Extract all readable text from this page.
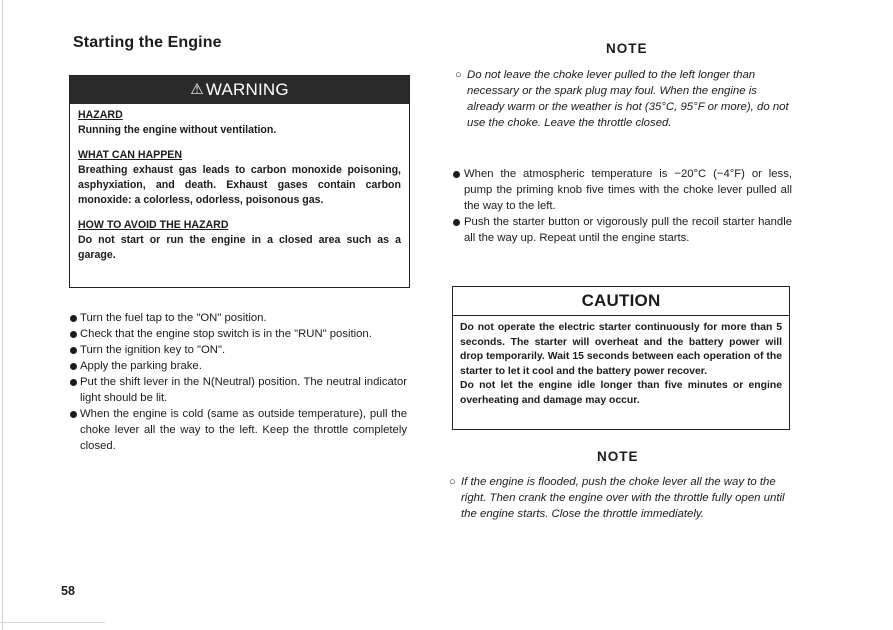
Starting the Engine
⚠ WARNING
HAZARD
Running the engine without ventilation.
WHAT CAN HAPPEN
Breathing exhaust gas leads to carbon monoxide poisoning, asphyxiation, and death. Exhaust gases contain carbon monoxide: a colorless, odorless, poisonous gas.
HOW TO AVOID THE HAZARD
Do not start or run the engine in a closed area such as a garage.
Turn the fuel tap to the "ON" position.
Check that the engine stop switch is in the "RUN" position.
Turn the ignition key to "ON".
Apply the parking brake.
Put the shift lever in the N(Neutral) position. The neutral indicator light should be lit.
When the engine is cold (same as outside temperature), pull the choke lever all the way to the left. Keep the throttle completely closed.
58
NOTE
○ Do not leave the choke lever pulled to the left longer than necessary or the spark plug may foul. When the engine is already warm or the weather is hot (35°C, 95°F or more), do not use the choke. Leave the throttle closed.
When the atmospheric temperature is −20°C (−4°F) or less, pump the priming knob five times with the choke lever pulled all the way to the left.
Push the starter button or vigorously pull the recoil starter handle all the way up. Repeat until the engine starts.
CAUTION
Do not operate the electric starter continuously for more than 5 seconds. The starter will overheat and the battery power will drop temporarily. Wait 15 seconds between each operation of the starter to let it cool and the battery power recover.
Do not let the engine idle longer than five minutes or engine overheating and damage may occur.
NOTE
○ If the engine is flooded, push the choke lever all the way to the right. Then crank the engine over with the throttle fully open until the engine starts. Close the throttle immediately.
